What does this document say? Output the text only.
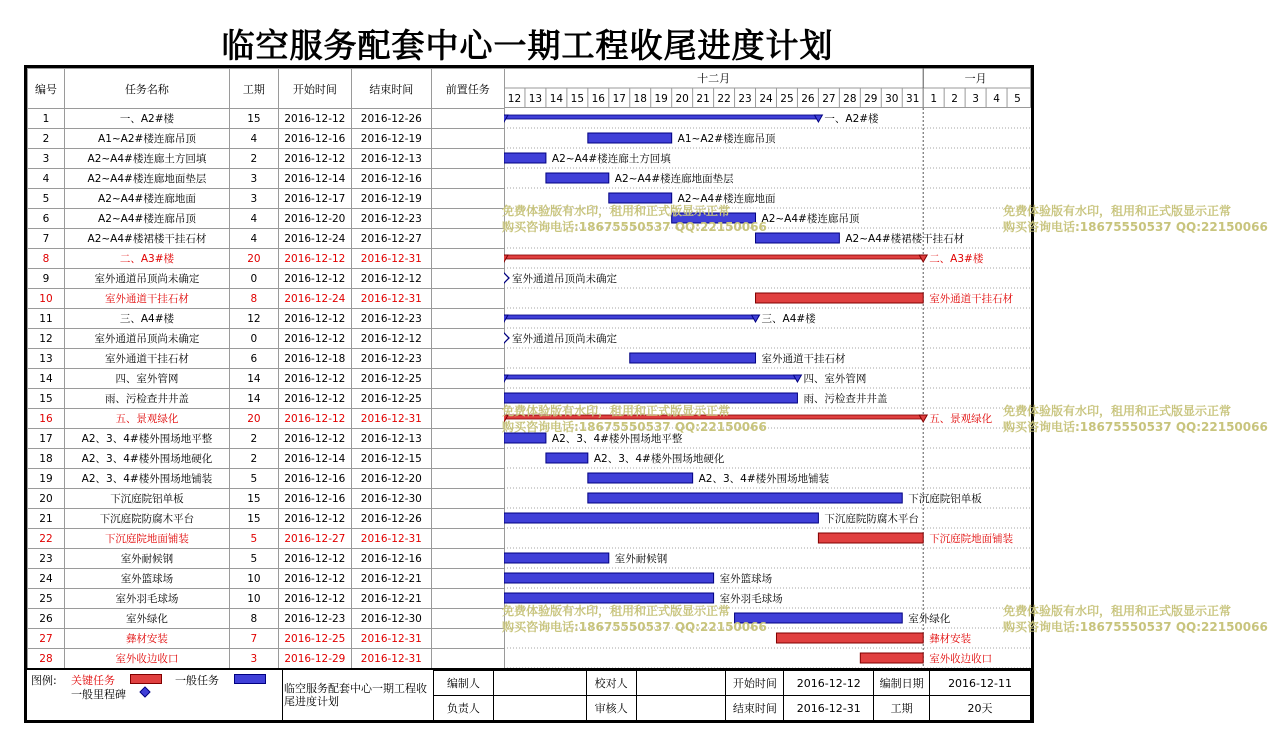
临空服务配套中心一期工程收尾进度计划
编号	任务名称	工期	开始时间	结束时间	前置任务	
1	一、A2#楼	15	2016-12-12	2016-12-26		
2	A1~A2#楼连廊吊顶	4	2016-12-16	2016-12-19		
3	A2~A4#楼连廊土方回填	2	2016-12-12	2016-12-13		
4	A2~A4#楼连廊地面垫层	3	2016-12-14	2016-12-16		
5	A2~A4#楼连廊地面	3	2016-12-17	2016-12-19		
6	A2~A4#楼连廊吊顶	4	2016-12-20	2016-12-23		
7	A2~A4#楼裙楼干挂石材	4	2016-12-24	2016-12-27		
8	二、A3#楼	20	2016-12-12	2016-12-31		
9	室外通道吊顶尚未确定	0	2016-12-12	2016-12-12		
10	室外通道干挂石材	8	2016-12-24	2016-12-31		
11	三、A4#楼	12	2016-12-12	2016-12-23		
12	室外通道吊顶尚未确定	0	2016-12-12	2016-12-12		
13	室外通道干挂石材	6	2016-12-18	2016-12-23		
14	四、室外管网	14	2016-12-12	2016-12-25		
15	雨、污检查井井盖	14	2016-12-12	2016-12-25		
16	五、景观绿化	20	2016-12-12	2016-12-31		
17	A2、3、4#楼外围场地平整	2	2016-12-12	2016-12-13		
18	A2、3、4#楼外围场地硬化	2	2016-12-14	2016-12-15		
19	A2、3、4#楼外围场地铺装	5	2016-12-16	2016-12-20		
20	下沉庭院铝单板	15	2016-12-16	2016-12-30		
21	下沉庭院防腐木平台	15	2016-12-12	2016-12-26		
22	下沉庭院地面铺装	5	2016-12-27	2016-12-31		
23	室外耐候钢	5	2016-12-12	2016-12-16		
24	室外篮球场	10	2016-12-12	2016-12-21		
25	室外羽毛球场	10	2016-12-12	2016-12-21		
26	室外绿化	8	2016-12-23	2016-12-30		
27	彝材安装	7	2016-12-25	2016-12-31		
28	室外收边收口	3	2016-12-29	2016-12-31		
一、A2#楼
A1~A2#楼连廊吊顶
A2~A4#楼连廊土方回填
A2~A4#楼连廊地面垫层
A2~A4#楼连廊地面
A2~A4#楼连廊吊顶
A2~A4#楼裙楼干挂石材
二、A3#楼
室外通道吊顶尚未确定
室外通道干挂石材
三、A4#楼
室外通道吊顶尚未确定
室外通道干挂石材
四、室外管网
雨、污检查井井盖
五、景观绿化
A2、3、4#楼外围场地平整
A2、3、4#楼外围场地硬化
A2、3、4#楼外围场地铺装
下沉庭院铝单板
下沉庭院防腐木平台
下沉庭院地面铺装
室外耐候钢
室外篮球场
室外羽毛球场
室外绿化
彝材安装
室外收边收口
十二月	一月
12 13 14 15 16 17 18 19 20 21 22 23 24 25 26 27 28 29 30 31 1 2 3 4 5
图例: 关键任务	一般任务
一般里程碑	临空服务配套中心一期工程收尾进度计划
编制人		校对人		开始时间	2016-12-12	编制日期	2016-12-11
负责人		审核人		结束时间	2016-12-31	工期	20天
免费体验版有水印，租用和正式版显示正常
购买咨询电话:18675550537 QQ:22150066
免费体验版有水印，租用和正式版显示正常
购买咨询电话:18675550537 QQ:22150066
免费体验版有水印，租用和正式版显示正常
购买咨询电话:18675550537 QQ:22150066
免费体验版有水印，租用和正式版显示正常
购买咨询电话:18675550537 QQ:22150066
免费体验版有水印，租用和正式版显示正常
购买咨询电话:18675550537 QQ:22150066
免费体验版有水印，租用和正式版显示正常
购买咨询电话:18675550537 QQ:22150066
